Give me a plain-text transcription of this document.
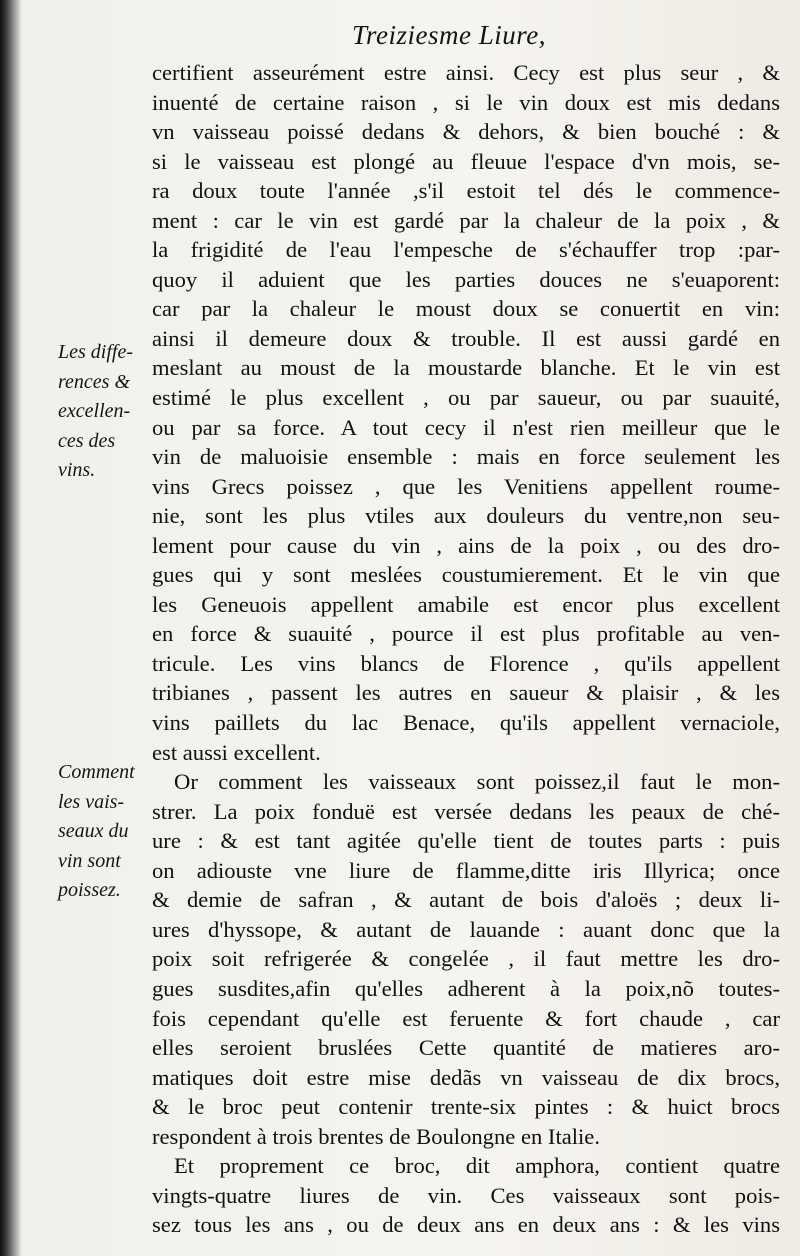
Treiziesme Liure,
Les diffe-
rences &
excellen-
ces des
vins.
Comment
les vais-
seaux du
vin sont
poissez.
certifient asseurément estre ainsi. Cecy est plus seur , &
inuenté de certaine raison , si le vin doux est mis dedans
vn vaisseau poissé dedans & dehors, & bien bouché : &
si le vaisseau est plongé au fleuue l'espace d'vn mois, se-
ra doux toute l'année ,s'il estoit tel dés le commence-
ment : car le vin est gardé par la chaleur de la poix , &
la frigidité de l'eau l'empesche de s'échauffer trop :par-
quoy il aduient que les parties douces ne s'euaporent:
car par la chaleur le moust doux se conuertit en vin:
ainsi il demeure doux & trouble. Il est aussi gardé en
meslant au moust de la moustarde blanche. Et le vin est
estimé le plus excellent , ou par saueur, ou par suauité,
ou par sa force. A tout cecy il n'est rien meilleur que le
vin de maluoisie ensemble : mais en force seulement les
vins Grecs poissez , que les Venitiens appellent roume-
nie, sont les plus vtiles aux douleurs du ventre,non seu-
lement pour cause du vin , ains de la poix , ou des dro-
gues qui y sont meslées coustumierement. Et le vin que
les Geneuois appellent amabile est encor plus excellent
en force & suauité , pource il est plus profitable au ven-
tricule. Les vins blancs de Florence , qu'ils appellent
tribianes , passent les autres en saueur & plaisir , & les
vins paillets du lac Benace, qu'ils appellent vernaciole,
est aussi excellent.
Or comment les vaisseaux sont poissez,il faut le mon-
strer. La poix fonduë est versée dedans les peaux de ché-
ure : & est tant agitée qu'elle tient de toutes parts : puis
on adiouste vne liure de flamme,ditte iris Illyrica; once
& demie de safran , & autant de bois d'aloës ; deux li-
ures d'hyssope, & autant de lauande : auant donc que la
poix soit refrigerée & congelée , il faut mettre les dro-
gues susdites,afin qu'elles adherent à la poix,nõ toutes-
fois cependant qu'elle est feruente & fort chaude , car
elles seroient bruslées Cette quantité de matieres aro-
matiques doit estre mise dedãs vn vaisseau de dix brocs,
& le broc peut contenir trente-six pintes : & huict brocs
respondent à trois brentes de Boulongne en Italie.
Et proprement ce broc, dit amphora, contient quatre
vingts-quatre liures de vin. Ces vaisseaux sont pois-
sez tous les ans , ou de deux ans en deux ans : & les vins
